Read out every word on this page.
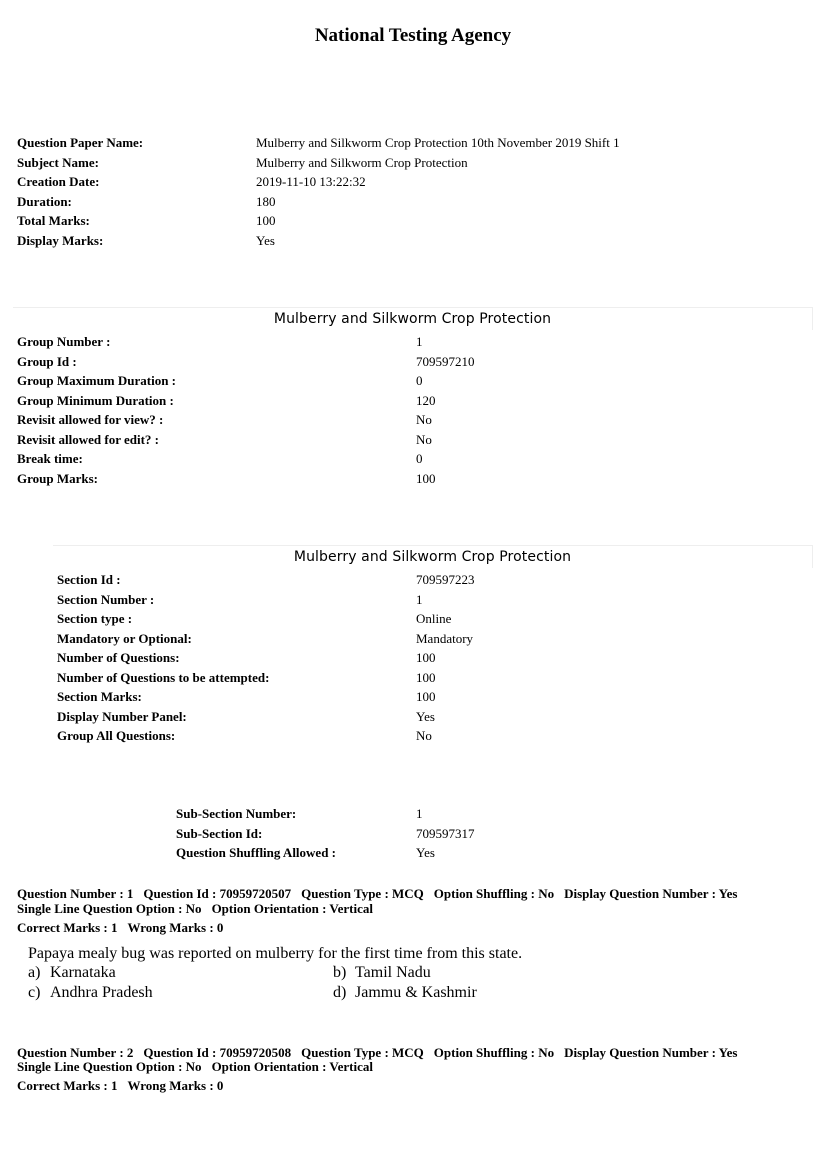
National Testing Agency
Question Paper Name:	Mulberry and Silkworm Crop Protection 10th November 2019 Shift 1
Subject Name:	Mulberry and Silkworm Crop Protection
Creation Date:	2019-11-10 13:22:32
Duration:	180
Total Marks:	100
Display Marks:	Yes
Mulberry and Silkworm Crop Protection
Group Number :	1
Group Id :	709597210
Group Maximum Duration :	0
Group Minimum Duration :	120
Revisit allowed for view? :	No
Revisit allowed for edit? :	No
Break time:	0
Group Marks:	100
Mulberry and Silkworm Crop Protection
Section Id :	709597223
Section Number :	1
Section type :	Online
Mandatory or Optional:	Mandatory
Number of Questions:	100
Number of Questions to be attempted:	100
Section Marks:	100
Display Number Panel:	Yes
Group All Questions:	No
Sub-Section Number:	1
Sub-Section Id:	709597317
Question Shuffling Allowed :	Yes
Question Number : 1 Question Id : 70959720507 Question Type : MCQ Option Shuffling : No Display Question Number : Yes
Single Line Question Option : No Option Orientation : Vertical
Correct Marks : 1 Wrong Marks : 0
Papaya mealy bug was reported on mulberry for the first time from this state.
a) Karnataka	b) Tamil Nadu
c) Andhra Pradesh	d) Jammu & Kashmir
Question Number : 2 Question Id : 70959720508 Question Type : MCQ Option Shuffling : No Display Question Number : Yes
Single Line Question Option : No Option Orientation : Vertical
Correct Marks : 1 Wrong Marks : 0
